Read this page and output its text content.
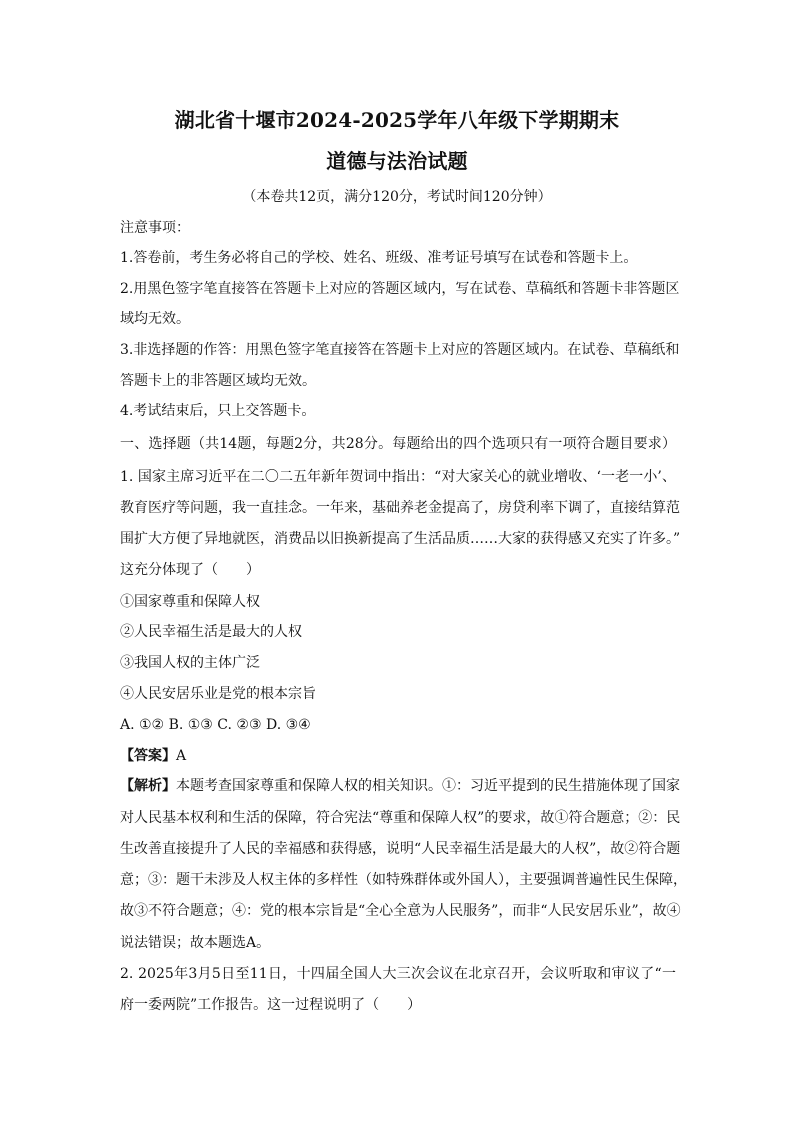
湖北省十堰市2024-2025学年八年级下学期期末
道德与法治试题
（本卷共12页，满分120分，考试时间120分钟）
注意事项：
1.答卷前，考生务必将自己的学校、姓名、班级、准考证号填写在试卷和答题卡上。
2.用黑色签字笔直接答在答题卡上对应的答题区域内，写在试卷、草稿纸和答题卡非答题区
域均无效。
3.非选择题的作答：用黑色签字笔直接答在答题卡上对应的答题区域内。在试卷、草稿纸和
答题卡上的非答题区域均无效。
4.考试结束后，只上交答题卡。
一、选择题（共14题，每题2分，共28分。每题给出的四个选项只有一项符合题目要求）
1. 国家主席习近平在二〇二五年新年贺词中指出：“对大家关心的就业增收、‘一老一小’、
教育医疗等问题，我一直挂念。一年来，基础养老金提高了，房贷利率下调了，直接结算范
围扩大方便了异地就医，消费品以旧换新提高了生活品质……大家的获得感又充实了许多。”
这充分体现了（　　）
①国家尊重和保障人权
②人民幸福生活是最大的人权
③我国人权的主体广泛
④人民安居乐业是党的根本宗旨
A. ①② B. ①③ C. ②③ D. ③④
【答案】A
【解析】本题考查国家尊重和保障人权的相关知识。①：习近平提到的民生措施体现了国家
对人民基本权利和生活的保障，符合宪法“尊重和保障人权”的要求，故①符合题意；②：民
生改善直接提升了人民的幸福感和获得感，说明“人民幸福生活是最大的人权”，故②符合题
意；③：题干未涉及人权主体的多样性（如特殊群体或外国人），主要强调普遍性民生保障，
故③不符合题意；④：党的根本宗旨是“全心全意为人民服务”，而非“人民安居乐业”，故④
说法错误；故本题选A。
2. 2025年3月5日至11日，十四届全国人大三次会议在北京召开，会议听取和审议了“一
府一委两院”工作报告。这一过程说明了（　　）
